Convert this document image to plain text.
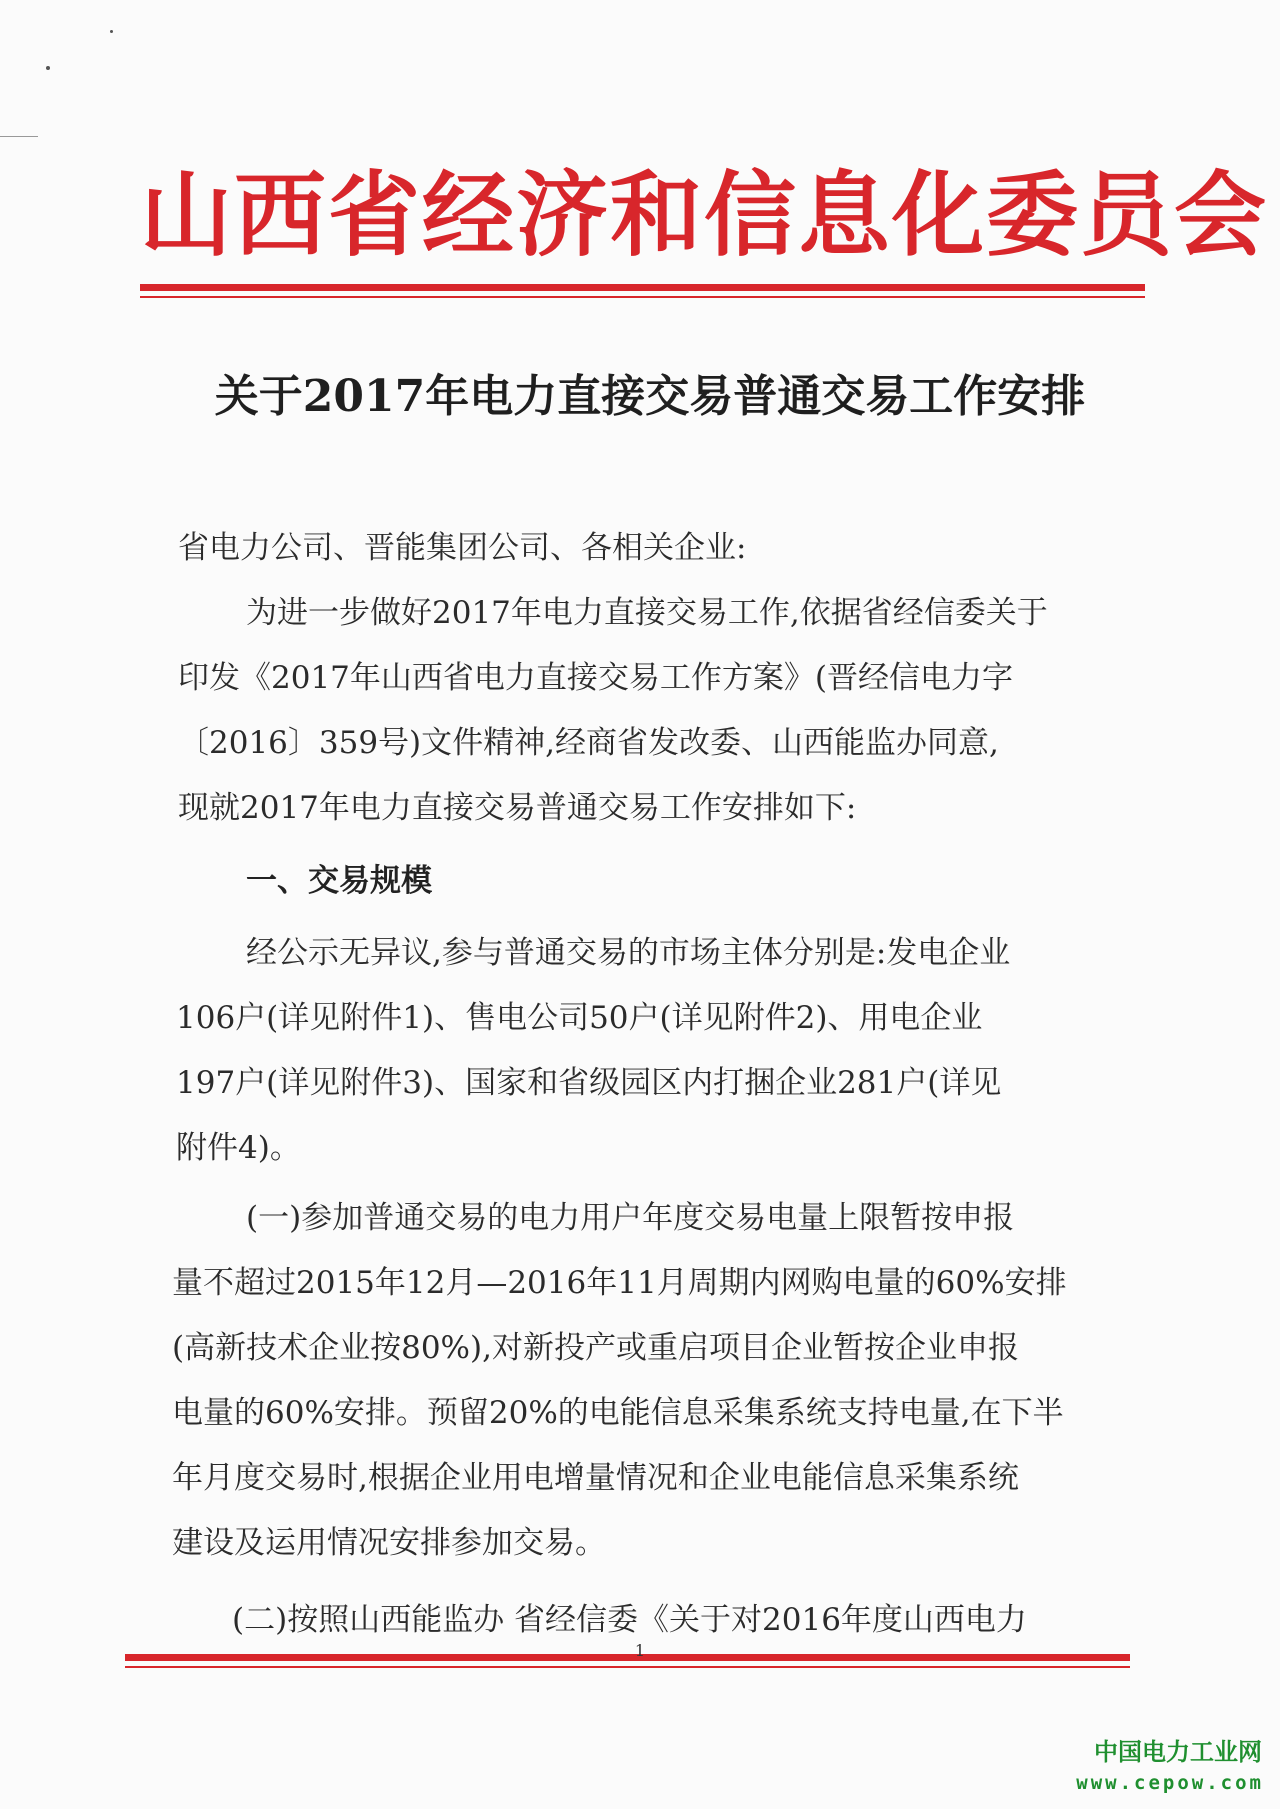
山西省经济和信息化委员会
关于2017年电力直接交易普通交易工作安排
省电力公司、晋能集团公司、各相关企业:
为进一步做好2017年电力直接交易工作,依据省经信委关于
印发《2017年山西省电力直接交易工作方案》(晋经信电力字
〔2016〕359号)文件精神,经商省发改委、山西能监办同意,
现就2017年电力直接交易普通交易工作安排如下:
一、交易规模
经公示无异议,参与普通交易的市场主体分别是:发电企业
106户(详见附件1)、售电公司50户(详见附件2)、用电企业
197户(详见附件3)、国家和省级园区内打捆企业281户(详见
附件4)。
(一)参加普通交易的电力用户年度交易电量上限暂按申报
量不超过2015年12月—2016年11月周期内网购电量的60%安排
(高新技术企业按80%),对新投产或重启项目企业暂按企业申报
电量的60%安排。预留20%的电能信息采集系统支持电量,在下半
年月度交易时,根据企业用电增量情况和企业电能信息采集系统
建设及运用情况安排参加交易。
(二)按照山西能监办 省经信委《关于对2016年度山西电力
1
中国电力工业网
www.cepow.com
